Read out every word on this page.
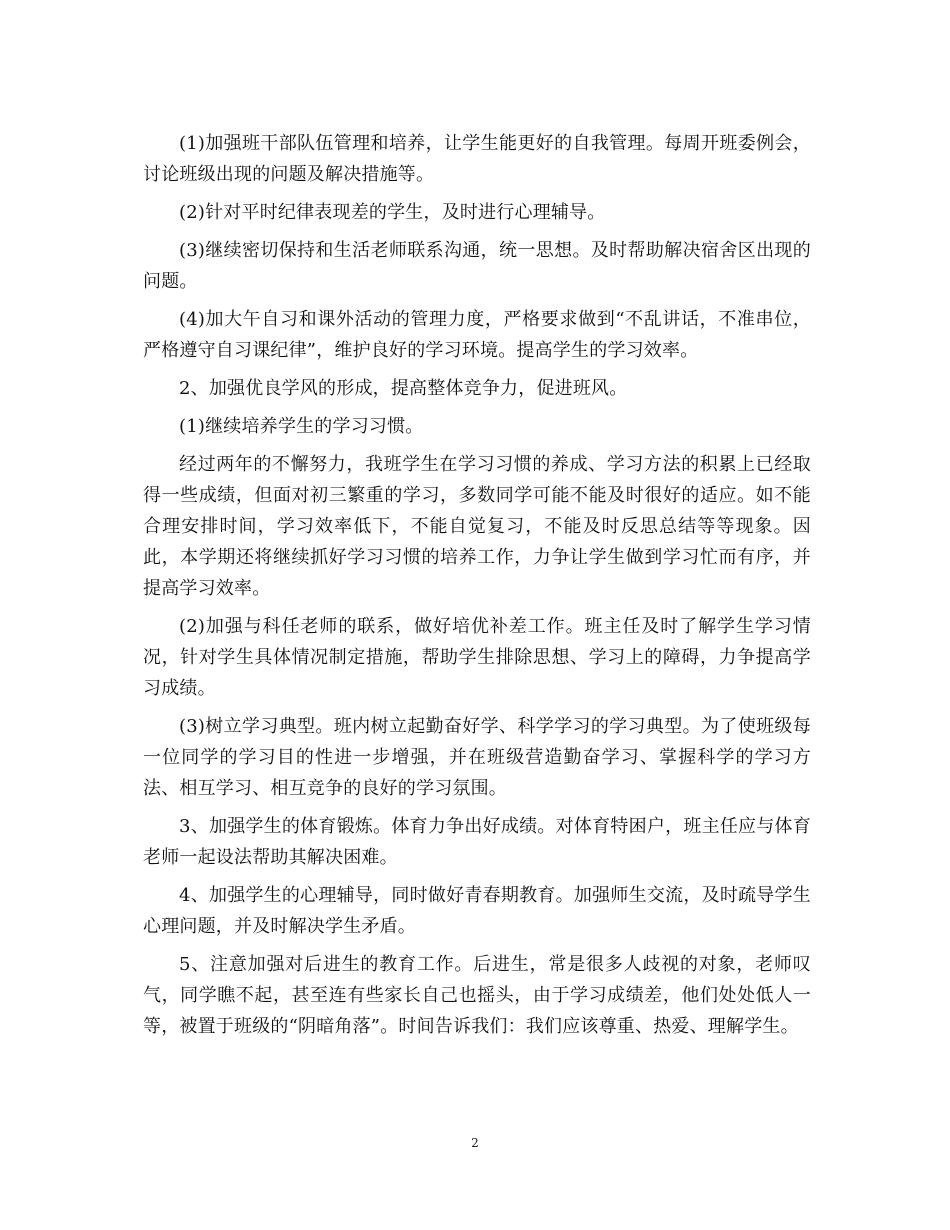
(1)加强班干部队伍管理和培养，让学生能更好的自我管理。每周开班委例会，讨论班级出现的问题及解决措施等。

(2)针对平时纪律表现差的学生，及时进行心理辅导。

(3)继续密切保持和生活老师联系沟通，统一思想。及时帮助解决宿舍区出现的问题。

(4)加大午自习和课外活动的管理力度，严格要求做到“不乱讲话，不准串位，严格遵守自习课纪律”，维护良好的学习环境。提高学生的学习效率。

2、加强优良学风的形成，提高整体竞争力，促进班风。

(1)继续培养学生的学习习惯。

经过两年的不懈努力，我班学生在学习习惯的养成、学习方法的积累上已经取得一些成绩，但面对初三繁重的学习，多数同学可能不能及时很好的适应。如不能合理安排时间，学习效率低下，不能自觉复习，不能及时反思总结等等现象。因此，本学期还将继续抓好学习习惯的培养工作，力争让学生做到学习忙而有序，并提高学习效率。

(2)加强与科任老师的联系，做好培优补差工作。班主任及时了解学生学习情况，针对学生具体情况制定措施，帮助学生排除思想、学习上的障碍，力争提高学习成绩。

(3)树立学习典型。班内树立起勤奋好学、科学学习的学习典型。为了使班级每一位同学的学习目的性进一步增强，并在班级营造勤奋学习、掌握科学的学习方法、相互学习、相互竞争的良好的学习氛围。

3、加强学生的体育锻炼。体育力争出好成绩。对体育特困户，班主任应与体育老师一起设法帮助其解决困难。

4、加强学生的心理辅导，同时做好青春期教育。加强师生交流，及时疏导学生心理问题，并及时解决学生矛盾。

5、注意加强对后进生的教育工作。后进生，常是很多人歧视的对象，老师叹气，同学瞧不起，甚至连有些家长自己也摇头，由于学习成绩差，他们处处低人一等，被置于班级的“阴暗角落”。时间告诉我们：我们应该尊重、热爱、理解学生。

2
